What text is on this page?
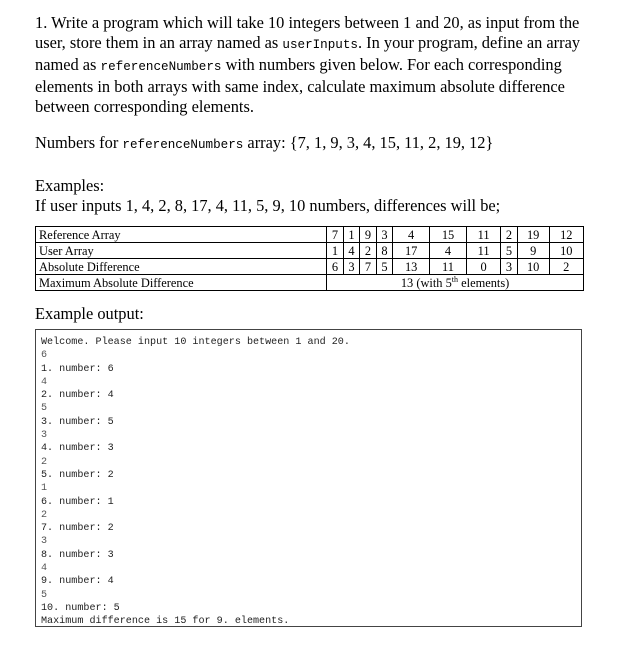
1. Write a program which will take 10 integers between 1 and 20, as input from the user, store them in an array named as userInputs. In your program, define an array named as referenceNumbers with numbers given below. For each corresponding elements in both arrays with same index, calculate maximum absolute difference between corresponding elements.
Numbers for referenceNumbers array: {7, 1, 9, 3, 4, 15, 11, 2, 19, 12}
Examples:
If user inputs 1, 4, 2, 8, 17, 4, 11, 5, 9, 10 numbers, differences will be;
Reference Array	7	1	9	3	4	15	11	2	19	12
User Array	1	4	2	8	17	4	11	5	9	10
Absolute Difference	6	3	7	5	13	11	0	3	10	2
Maximum Absolute Difference	13 (with 5th elements)									
Example output:
Welcome. Please input 10 integers between 1 and 20.
6
1. number: 6
4
2. number: 4
5
3. number: 5
3
4. number: 3
2
5. number: 2
1
6. number: 1
2
7. number: 2
3
8. number: 3
4
9. number: 4
5
10. number: 5
Maximum difference is 15 for 9. elements.
